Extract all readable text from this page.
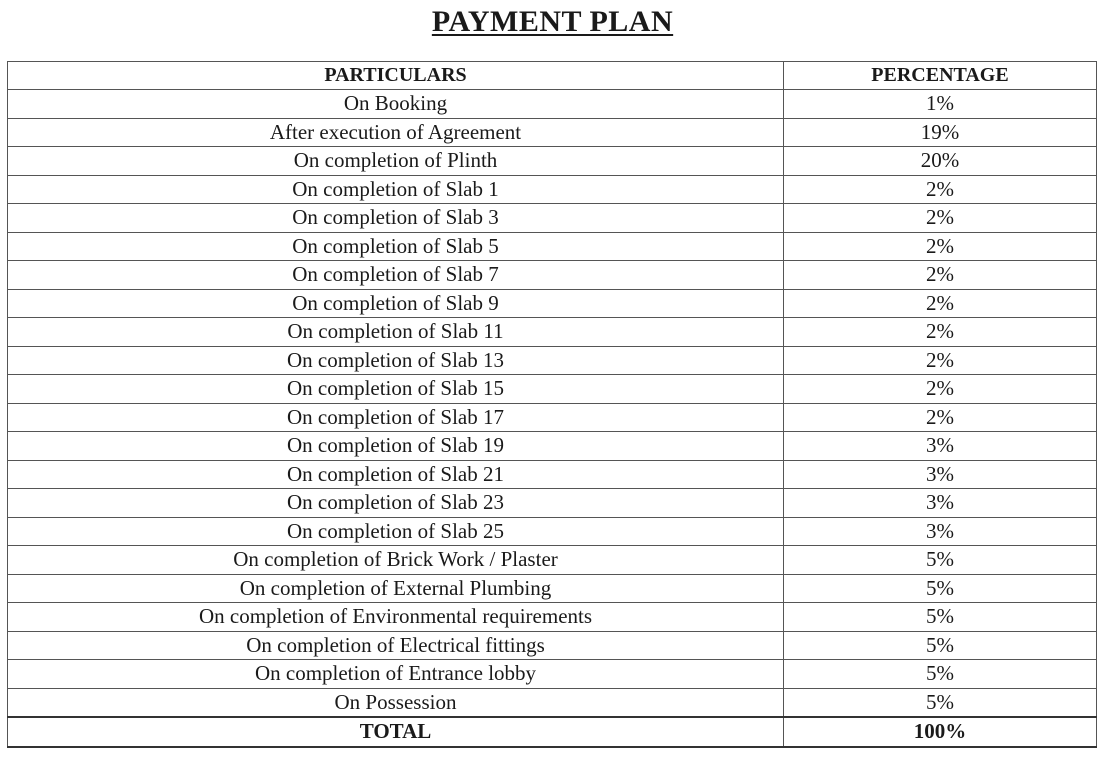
PAYMENT PLAN
PARTICULARS	PERCENTAGE
On Booking	1%
After execution of Agreement	19%
On completion of Plinth	20%
On completion of Slab 1	2%
On completion of Slab 3	2%
On completion of Slab 5	2%
On completion of Slab 7	2%
On completion of Slab 9	2%
On completion of Slab 11	2%
On completion of Slab 13	2%
On completion of Slab 15	2%
On completion of Slab 17	2%
On completion of Slab 19	3%
On completion of Slab 21	3%
On completion of Slab 23	3%
On completion of Slab 25	3%
On completion of Brick Work / Plaster	5%
On completion of External Plumbing	5%
On completion of Environmental requirements	5%
On completion of Electrical fittings	5%
On completion of Entrance lobby	5%
On Possession	5%
TOTAL	100%
